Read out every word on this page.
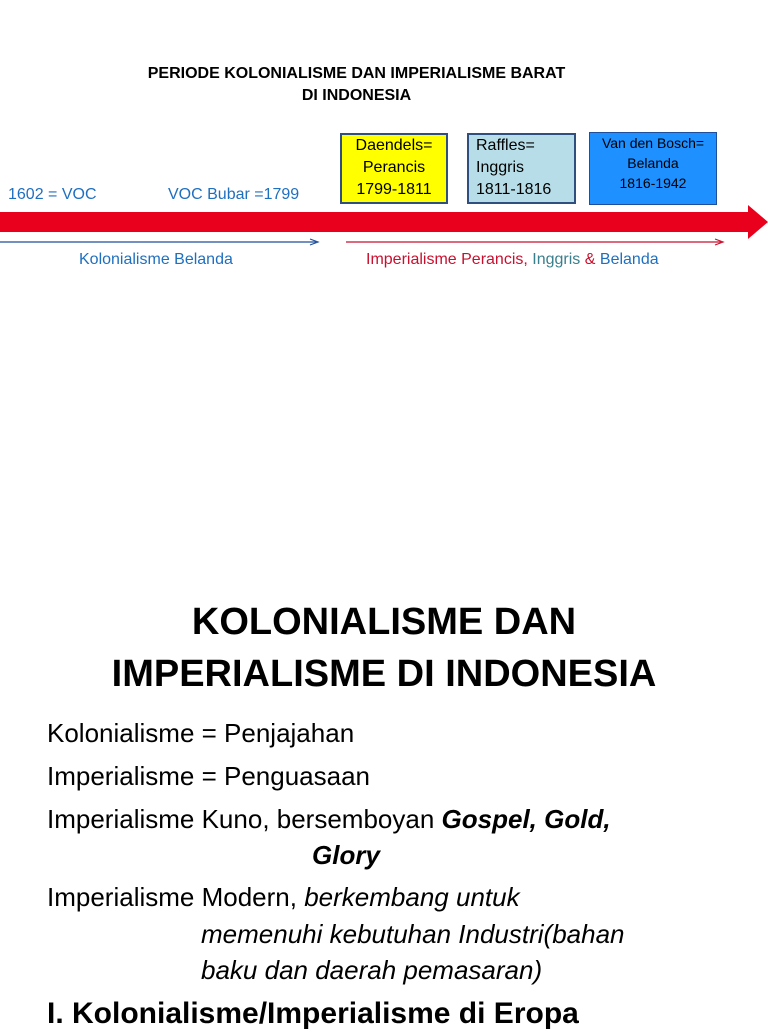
PERIODE KOLONIALISME DAN IMPERIALISME BARAT
DI INDONESIA
Daendels=
Perancis
1799-1811
Raffles=
Inggris
1811-1816
Van den Bosch=
Belanda
1816-1942
1602 = VOC	VOC Bubar =1799
Kolonialisme Belanda	Imperialisme Perancis, Inggris & Belanda
KOLONIALISME DAN
IMPERIALISME DI INDONESIA
Kolonialisme = Penjajahan
Imperialisme = Penguasaan
Imperialisme Kuno, bersemboyan Gospel, Gold,
Glory
Imperialisme Modern, berkembang untuk
memenuhi kebutuhan Industri(bahan
baku dan daerah pemasaran)
I. Kolonialisme/Imperialisme di Eropa
